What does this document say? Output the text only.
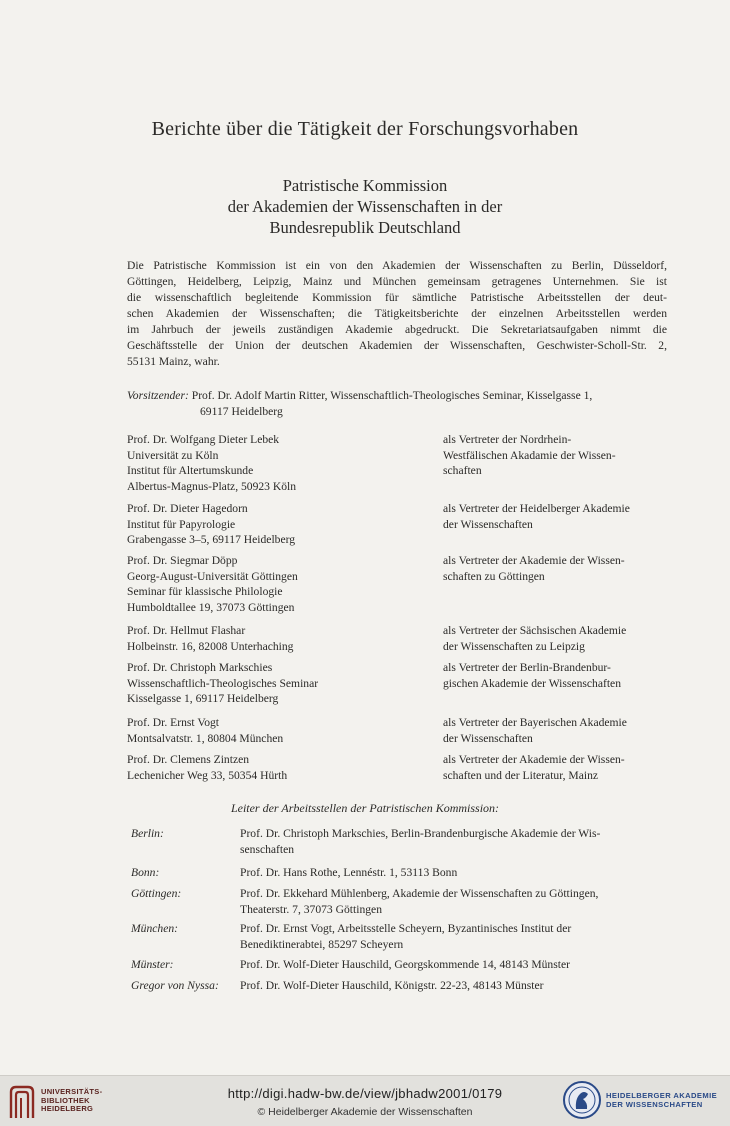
Berichte über die Tätigkeit der Forschungsvorhaben
Patristische Kommission
der Akademien der Wissenschaften in der
Bundesrepublik Deutschland
Die Patristische Kommission ist ein von den Akademien der Wissenschaften zu Berlin, Düsseldorf,
Göttingen, Heidelberg, Leipzig, Mainz und München gemeinsam getragenes Unternehmen. Sie ist
die wissenschaftlich begleitende Kommission für sämtliche Patristische Arbeitsstellen der deut-
schen Akademien der Wissenschaften; die Tätigkeitsberichte der einzelnen Arbeitsstellen werden
im Jahrbuch der jeweils zuständigen Akademie abgedruckt. Die Sekretariatsaufgaben nimmt die
Geschäftsstelle der Union der deutschen Akademien der Wissenschaften, Geschwister-Scholl-Str. 2,
55131 Mainz, wahr.
Vorsitzender: Prof. Dr. Adolf Martin Ritter, Wissenschaftlich-Theologisches Seminar, Kisselgasse 1,
69117 Heidelberg
Prof. Dr. Wolfgang Dieter Lebek
Universität zu Köln
Institut für Altertumskunde
Albertus-Magnus-Platz, 50923 Köln
als Vertreter der Nordrhein-
Westfälischen Akadamie der Wissen-
schaften
Prof. Dr. Dieter Hagedorn
Institut für Papyrologie
Grabengasse 3–5, 69117 Heidelberg
als Vertreter der Heidelberger Akademie
der Wissenschaften
Prof. Dr. Siegmar Döpp
Georg-August-Universität Göttingen
Seminar für klassische Philologie
Humboldtallee 19, 37073 Göttingen
als Vertreter der Akademie der Wissen-
schaften zu Göttingen
Prof. Dr. Hellmut Flashar
Holbeinstr. 16, 82008 Unterhaching
als Vertreter der Sächsischen Akademie
der Wissenschaften zu Leipzig
Prof. Dr. Christoph Markschies
Wissenschaftlich-Theologisches Seminar
Kisselgasse 1, 69117 Heidelberg
als Vertreter der Berlin-Brandenbur-
gischen Akademie der Wissenschaften
Prof. Dr. Ernst Vogt
Montsalvatstr. 1, 80804 München
als Vertreter der Bayerischen Akademie
der Wissenschaften
Prof. Dr. Clemens Zintzen
Lechenicher Weg 33, 50354 Hürth
als Vertreter der Akademie der Wissen-
schaften und der Literatur, Mainz
Leiter der Arbeitsstellen der Patristischen Kommission:
Berlin:	Prof. Dr. Christoph Markschies, Berlin-Brandenburgische Akademie der Wis-
senschaften
Bonn:	Prof. Dr. Hans Rothe, Lennéstr. 1, 53113 Bonn
Göttingen:	Prof. Dr. Ekkehard Mühlenberg, Akademie der Wissenschaften zu Göttingen,
Theaterstr. 7, 37073 Göttingen
München:	Prof. Dr. Ernst Vogt, Arbeitsstelle Scheyern, Byzantinisches Institut der
Benediktinerabtei, 85297 Scheyern
Münster:	Prof. Dr. Wolf-Dieter Hauschild, Georgskommende 14, 48143 Münster
Gregor von Nyssa: Prof. Dr. Wolf-Dieter Hauschild, Königstr. 22-23, 48143 Münster
UNIVERSITÄTS-
BIBLIOTHEK
HEIDELBERG
http://digi.hadw-bw.de/view/jbhadw2001/0179
© Heidelberger Akademie der Wissenschaften
HEIDELBERGER AKADEMIE
DER WISSENSCHAFTEN
